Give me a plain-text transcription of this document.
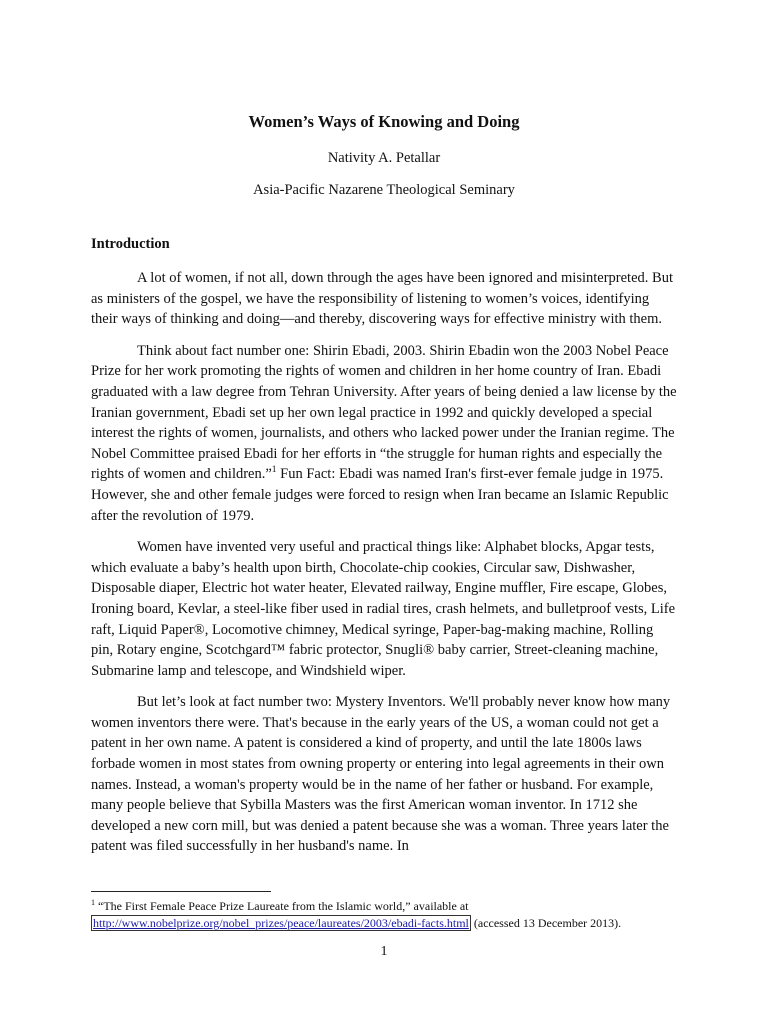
Women’s Ways of Knowing and Doing
Nativity A. Petallar
Asia-Pacific Nazarene Theological Seminary
Introduction

A lot of women, if not all, down through the ages have been ignored and misinterpreted. But as ministers of the gospel, we have the responsibility of listening to women’s voices, identifying their ways of thinking and doing—and thereby, discovering ways for effective ministry with them.

Think about fact number one: Shirin Ebadi, 2003. Shirin Ebadin won the 2003 Nobel Peace Prize for her work promoting the rights of women and children in her home country of Iran. Ebadi graduated with a law degree from Tehran University. After years of being denied a law license by the Iranian government, Ebadi set up her own legal practice in 1992 and quickly developed a special interest the rights of women, journalists, and others who lacked power under the Iranian regime. The Nobel Committee praised Ebadi for her efforts in “the struggle for human rights and especially the rights of women and children.”$^1$ Fun Fact: Ebadi was named Iran's first-ever female judge in 1975. However, she and other female judges were forced to resign when Iran became an Islamic Republic after the revolution of 1979.

Women have invented very useful and practical things like: Alphabet blocks, Apgar tests, which evaluate a baby’s health upon birth, Chocolate-chip cookies, Circular saw, Dishwasher, Disposable diaper, Electric hot water heater, Elevated railway, Engine muffler, Fire escape, Globes, Ironing board, Kevlar, a steel-like fiber used in radial tires, crash helmets, and bulletproof vests, Life raft, Liquid Paper®, Locomotive chimney, Medical syringe, Paper-bag-making machine, Rolling pin, Rotary engine, Scotchgard™ fabric protector, Snugli® baby carrier, Street-cleaning machine, Submarine lamp and telescope, and Windshield wiper.

But let’s look at fact number two: Mystery Inventors. We'll probably never know how many women inventors there were. That's because in the early years of the US, a woman could not get a patent in her own name. A patent is considered a kind of property, and until the late 1800s laws forbade women in most states from owning property or entering into legal agreements in their own names. Instead, a woman's property would be in the name of her father or husband. For example, many people believe that Sybilla Masters was the first American woman inventor. In 1712 she developed a new corn mill, but was denied a patent because she was a woman. Three years later the patent was filed successfully in her husband's name. In

$^1$ “The First Female Peace Prize Laureate from the Islamic world,” available at
http://www.nobelprize.org/nobel_prizes/peace/laureates/2003/ebadi-facts.html (accessed 13 December 2013).
1
